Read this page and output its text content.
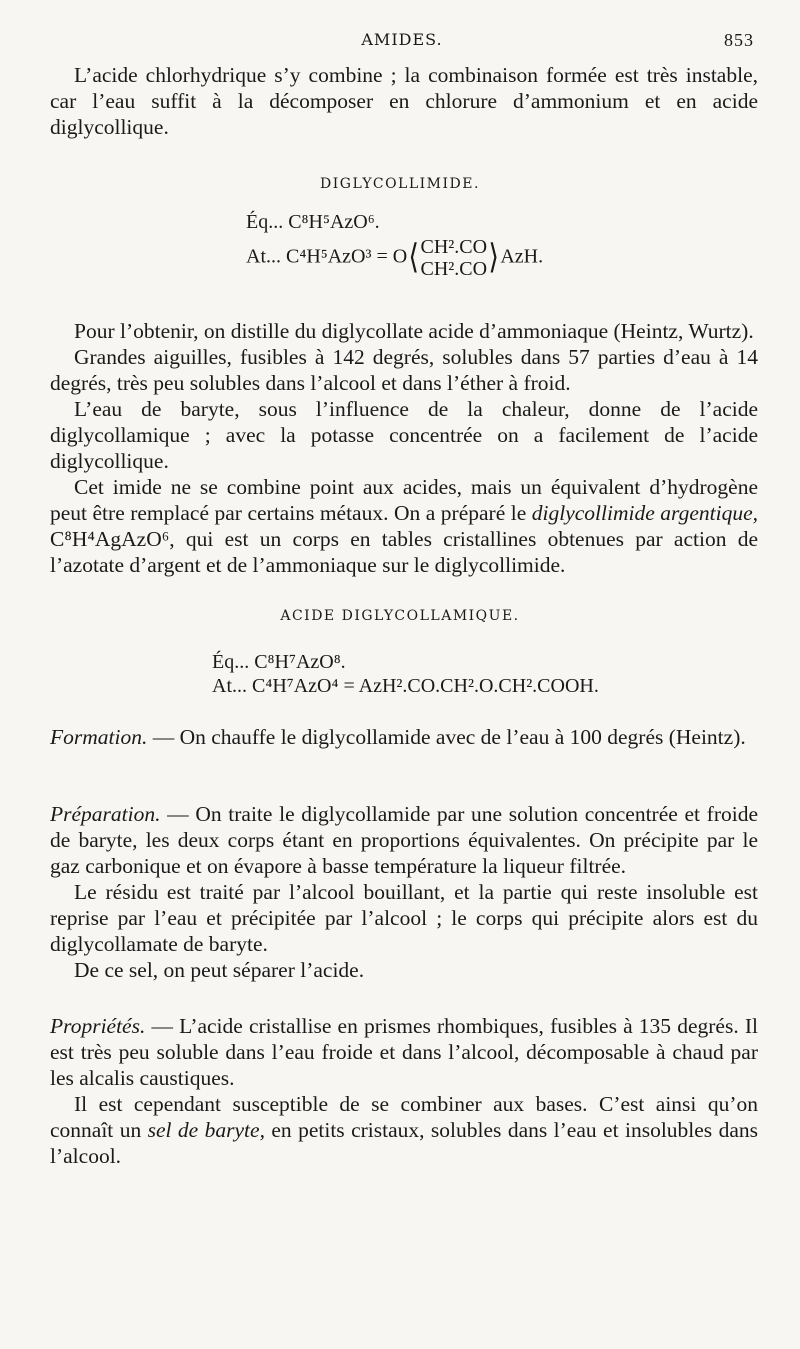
AMIDES.	853

L’acide chlorhydrique s’y combine ; la combinaison formée est très instable, car l’eau suffit à la décomposer en chlorure d’ammonium et en acide diglycollique.

DIGLYCOLLIMIDE.
Éq... C⁸H⁵AzO⁶.
At... C⁴H⁵AzO³ = O⟨CH².CO
CH².CO⟩AzH.

Pour l’obtenir, on distille du diglycollate acide d’ammoniaque (Heintz, Wurtz).

Grandes aiguilles, fusibles à 142 degrés, solubles dans 57 parties d’eau à 14 degrés, très peu solubles dans l’alcool et dans l’éther à froid.

L’eau de baryte, sous l’influence de la chaleur, donne de l’acide diglycollamique ; avec la potasse concentrée on a facilement de l’acide diglycollique.

Cet imide ne se combine point aux acides, mais un équivalent d’hydrogène peut être remplacé par certains métaux. On a préparé le diglycollimide argentique, C⁸H⁴AgAzO⁶, qui est un corps en tables cristallines obtenues par action de l’azotate d’argent et de l’ammoniaque sur le diglycollimide.

ACIDE DIGLYCOLLAMIQUE.
Éq... C⁸H⁷AzO⁸.
At... C⁴H⁷AzO⁴ = AzH².CO.CH².O.CH².COOH.

Formation. — On chauffe le diglycollamide avec de l’eau à 100 degrés (Heintz).

Préparation. — On traite le diglycollamide par une solution concentrée et froide de baryte, les deux corps étant en proportions équivalentes. On précipite par le gaz carbonique et on évapore à basse température la liqueur filtrée.

Le résidu est traité par l’alcool bouillant, et la partie qui reste insoluble est reprise par l’eau et précipitée par l’alcool ; le corps qui précipite alors est du diglycollamate de baryte.

De ce sel, on peut séparer l’acide.

Propriétés. — L’acide cristallise en prismes rhombiques, fusibles à 135 degrés. Il est très peu soluble dans l’eau froide et dans l’alcool, décomposable à chaud par les alcalis caustiques.

Il est cependant susceptible de se combiner aux bases. C’est ainsi qu’on connaît un sel de baryte, en petits cristaux, solubles dans l’eau et insolubles dans l’alcool.
